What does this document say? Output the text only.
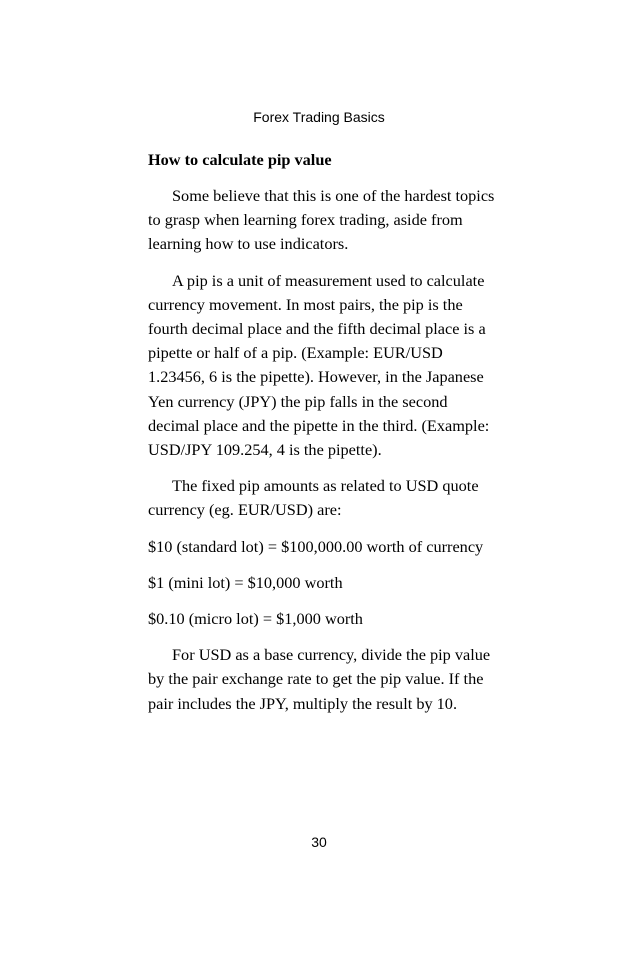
Forex Trading Basics
How to calculate pip value

Some believe that this is one of the hardest topics to grasp when learning forex trading, aside from learning how to use indicators.

A pip is a unit of measurement used to calculate currency movement. In most pairs, the pip is the fourth decimal place and the fifth decimal place is a pipette or half of a pip. (Example: EUR/USD 1.23456, 6 is the pipette). However, in the Japanese Yen currency (JPY) the pip falls in the second decimal place and the pipette in the third. (Example: USD/JPY 109.254, 4 is the pipette).

The fixed pip amounts as related to USD quote currency (eg. EUR/USD) are:

$10 (standard lot) = $100,000.00 worth of currency

$1 (mini lot) = $10,000 worth

$0.10 (micro lot) = $1,000 worth

For USD as a base currency, divide the pip value by the pair exchange rate to get the pip value. If the pair includes the JPY, multiply the result by 10.

30
